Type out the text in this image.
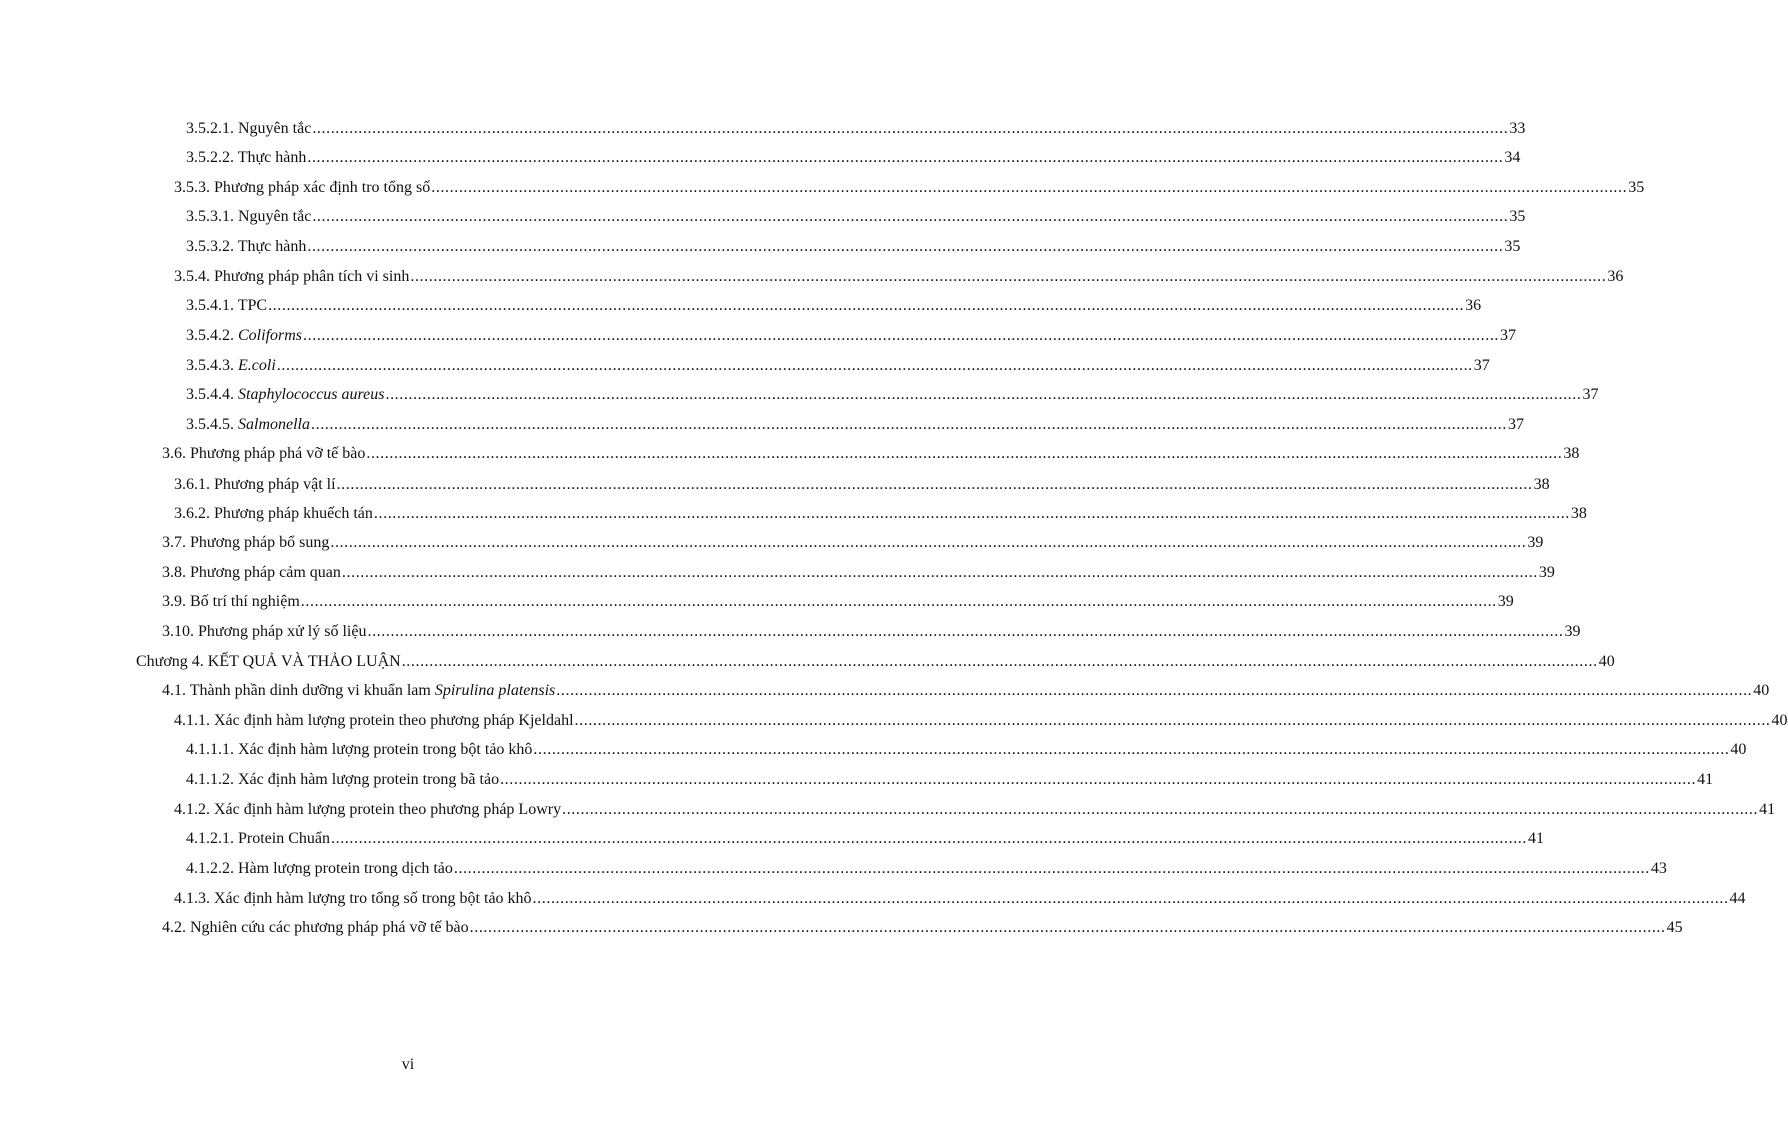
3.5.2.1. Nguyên tắc .................................................................................................................................................................................................................................................................... 33
3.5.2.2. Thực hành .................................................................................................................................................................................................................................................................... 34
3.5.3. Phương pháp xác định tro tổng số .................................................................................................................................................................................................................................................................... 35
3.5.3.1. Nguyên tắc .................................................................................................................................................................................................................................................................... 35
3.5.3.2. Thực hành .................................................................................................................................................................................................................................................................... 35
3.5.4. Phương pháp phân tích vi sinh .................................................................................................................................................................................................................................................................... 36
3.5.4.1. TPC .................................................................................................................................................................................................................................................................... 36
3.5.4.2. Coliforms .................................................................................................................................................................................................................................................................... 37
3.5.4.3. E.coli .................................................................................................................................................................................................................................................................... 37
3.5.4.4. Staphylococcus aureus .................................................................................................................................................................................................................................................................... 37
3.5.4.5. Salmonella .................................................................................................................................................................................................................................................................... 37
3.6. Phương pháp phá vỡ tế bào .................................................................................................................................................................................................................................................................... 38
3.6.1. Phương pháp vật lí .................................................................................................................................................................................................................................................................... 38
3.6.2. Phương pháp khuếch tán .................................................................................................................................................................................................................................................................... 38
3.7. Phương pháp bổ sung .................................................................................................................................................................................................................................................................... 39
3.8. Phương pháp cảm quan .................................................................................................................................................................................................................................................................... 39
3.9. Bố trí thí nghiệm .................................................................................................................................................................................................................................................................... 39
3.10. Phương pháp xử lý số liệu .................................................................................................................................................................................................................................................................... 39
Chương 4. KẾT QUẢ VÀ THẢO LUẬN .................................................................................................................................................................................................................................................................... 40
4.1. Thành phần dinh dưỡng vi khuẩn lam Spirulina platensis .................................................................................................................................................................................................................................................................... 40
4.1.1. Xác định hàm lượng protein theo phương pháp Kjeldahl .................................................................................................................................................................................................................................................................... 40
4.1.1.1. Xác định hàm lượng protein trong bột tảo khô .................................................................................................................................................................................................................................................................... 40
4.1.1.2. Xác định hàm lượng protein trong bã tảo .................................................................................................................................................................................................................................................................... 41
4.1.2. Xác định hàm lượng protein theo phương pháp Lowry .................................................................................................................................................................................................................................................................... 41
4.1.2.1. Protein Chuẩn .................................................................................................................................................................................................................................................................... 41
4.1.2.2. Hàm lượng protein trong dịch tảo .................................................................................................................................................................................................................................................................... 43
4.1.3. Xác định hàm lượng tro tổng số trong bột tảo khô .................................................................................................................................................................................................................................................................... 44
4.2. Nghiên cứu các phương pháp phá vỡ tế bào .................................................................................................................................................................................................................................................................... 45
vi
